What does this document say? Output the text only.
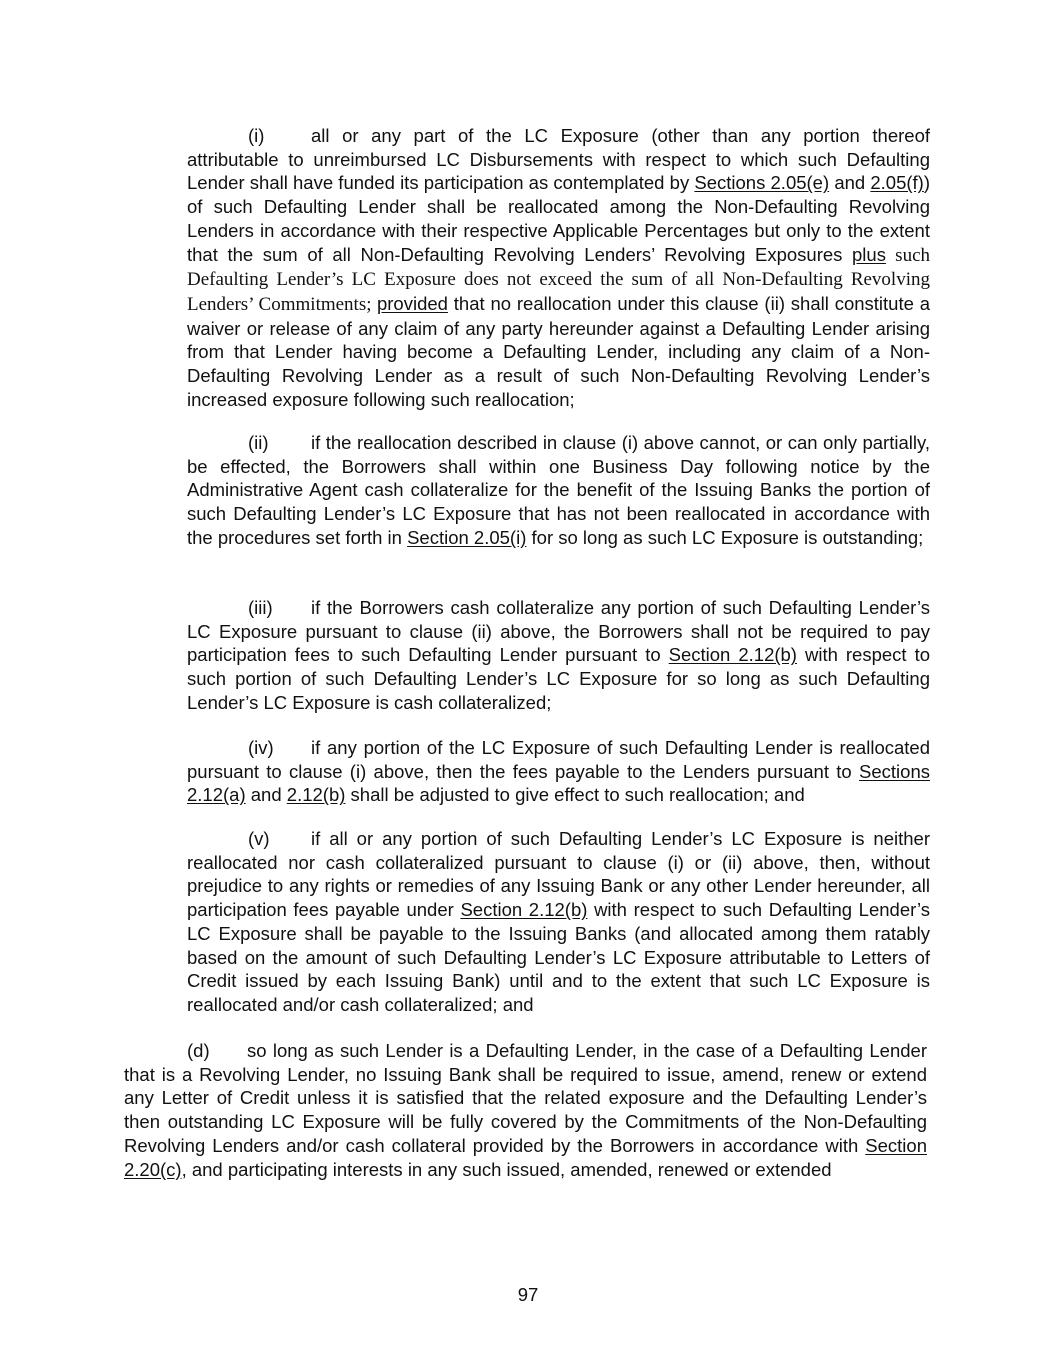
(i)	all or any part of the LC Exposure (other than any portion thereof attributable to unreimbursed LC Disbursements with respect to which such Defaulting Lender shall have funded its participation as contemplated by Sections 2.05(e) and 2.05(f)) of such Defaulting Lender shall be reallocated among the Non-Defaulting Revolving Lenders in accordance with their respective Applicable Percentages but only to the extent that the sum of all Non-Defaulting Revolving Lenders’ Revolving Exposures plus such Defaulting Lender’s LC Exposure does not exceed the sum of all Non-Defaulting Revolving Lenders’ Commitments; provided that no reallocation under this clause (ii) shall constitute a waiver or release of any claim of any party hereunder against a Defaulting Lender arising from that Lender having become a Defaulting Lender, including any claim of a Non-Defaulting Revolving Lender as a result of such Non-Defaulting Revolving Lender’s increased exposure following such reallocation;

(ii) if the reallocation described in clause (i) above cannot, or can only partially, be effected, the Borrowers shall within one Business Day following notice by the Administrative Agent cash collateralize for the benefit of the Issuing Banks the portion of such Defaulting Lender’s LC Exposure that has not been reallocated in accordance with the procedures set forth in Section 2.05(i) for so long as such LC Exposure is outstanding;

(iii) if the Borrowers cash collateralize any portion of such Defaulting Lender’s LC Exposure pursuant to clause (ii) above, the Borrowers shall not be required to pay participation fees to such Defaulting Lender pursuant to Section 2.12(b) with respect to such portion of such Defaulting Lender’s LC Exposure for so long as such Defaulting Lender’s LC Exposure is cash collateralized;

(iv) if any portion of the LC Exposure of such Defaulting Lender is reallocated pursuant to clause (i) above, then the fees payable to the Lenders pursuant to Sections 2.12(a) and 2.12(b) shall be adjusted to give effect to such reallocation; and

(v) if all or any portion of such Defaulting Lender’s LC Exposure is neither reallocated nor cash collateralized pursuant to clause (i) or (ii) above, then, without prejudice to any rights or remedies of any Issuing Bank or any other Lender hereunder, all participation fees payable under Section 2.12(b) with respect to such Defaulting Lender’s LC Exposure shall be payable to the Issuing Banks (and allocated among them ratably based on the amount of such Defaulting Lender’s LC Exposure attributable to Letters of Credit issued by each Issuing Bank) until and to the extent that such LC Exposure is reallocated and/or cash collateralized; and

(d) so long as such Lender is a Defaulting Lender, in the case of a Defaulting Lender that is a Revolving Lender, no Issuing Bank shall be required to issue, amend, renew or extend any Letter of Credit unless it is satisfied that the related exposure and the Defaulting Lender’s then outstanding LC Exposure will be fully covered by the Commitments of the Non-Defaulting Revolving Lenders and/or cash collateral provided by the Borrowers in accordance with Section 2.20(c), and participating interests in any such issued, amended, renewed or extended

97
